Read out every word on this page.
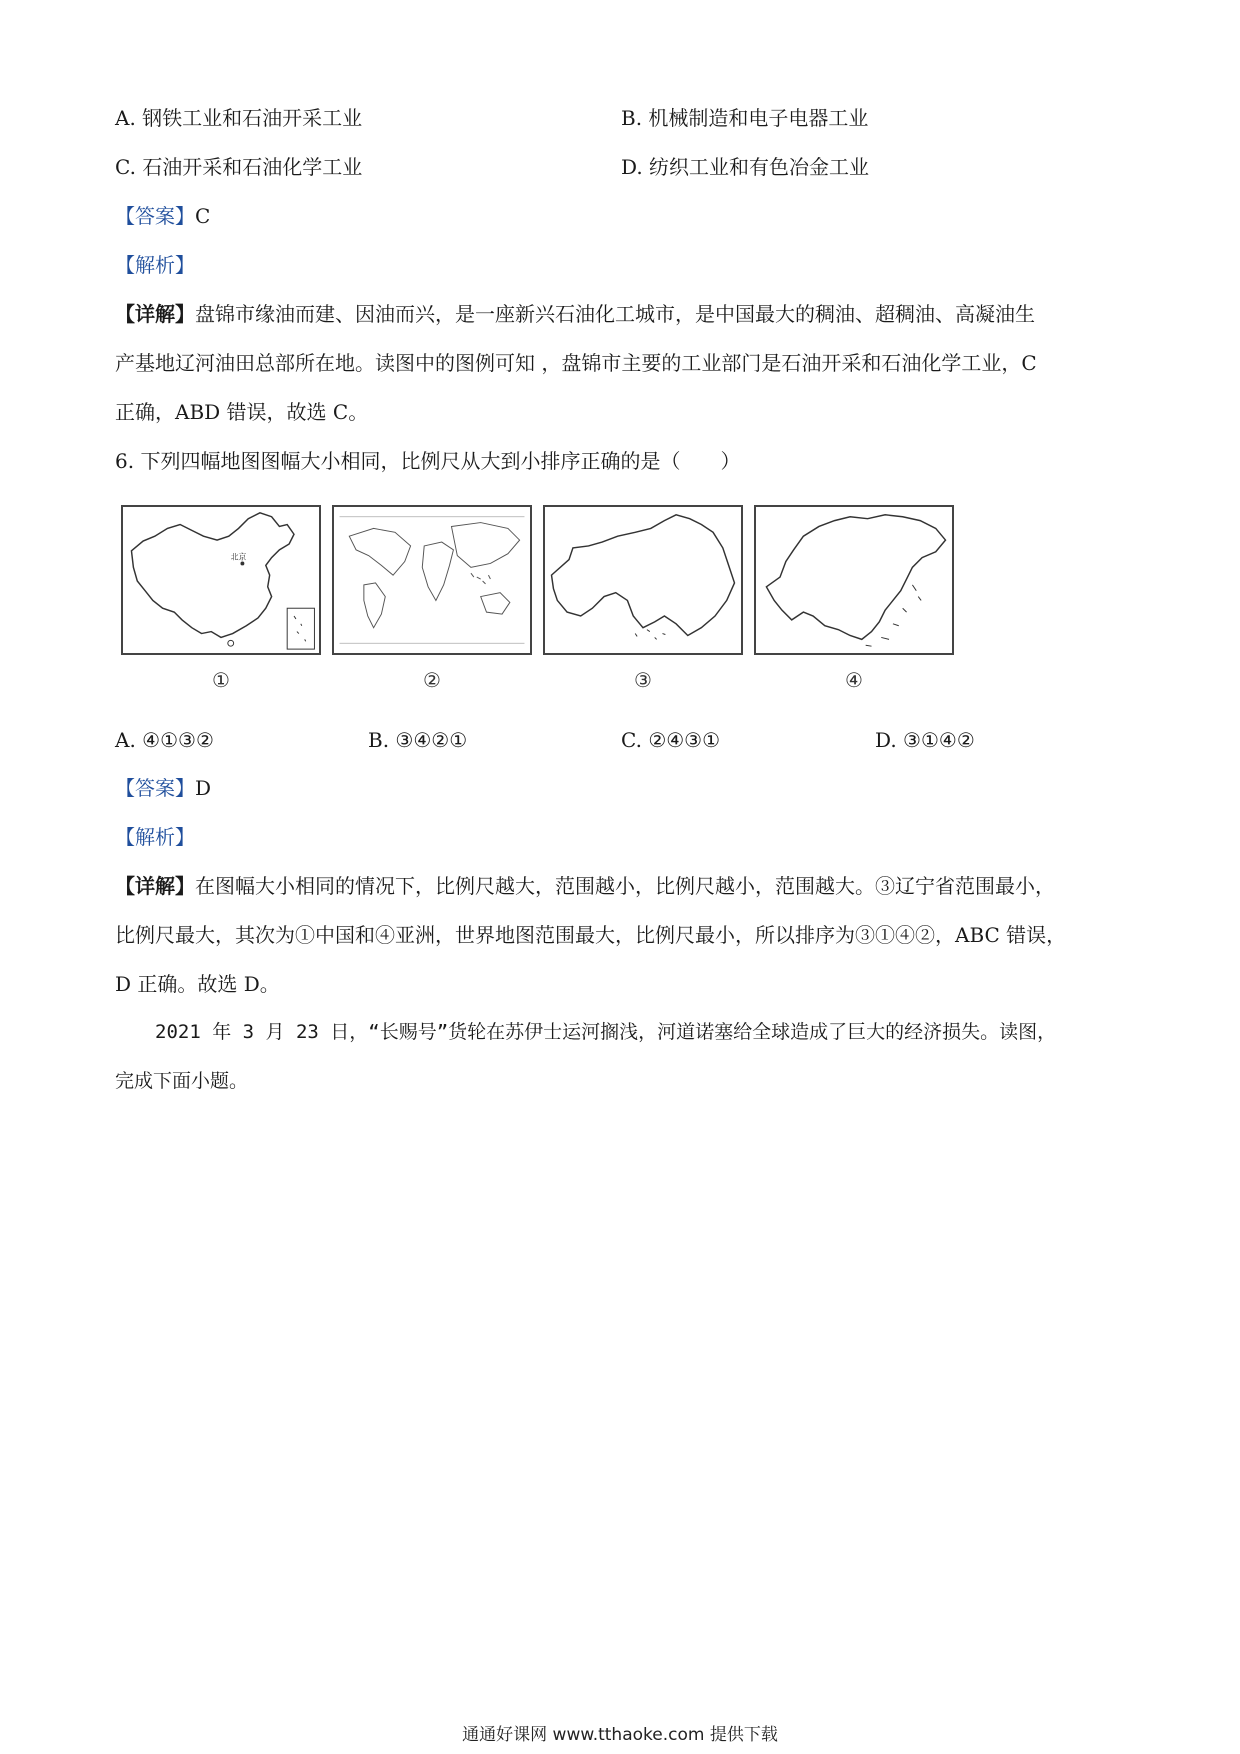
A. 钢铁工业和石油开采工业	B. 机械制造和电子电器工业
C. 石油开采和石油化学工业	D. 纺织工业和有色冶金工业
【答案】C
【解析】
【详解】盘锦市缘油而建、因油而兴，是一座新兴石油化工城市，是中国最大的稠油、超稠油、高凝油生
产基地辽河油田总部所在地。读图中的图例可知 ，盘锦市主要的工业部门是石油开采和石油化学工业，C
正确，ABD 错误，故选 C。
6. 下列四幅地图图幅大小相同，比例尺从大到小排序正确的是（　　）
北京
①	②	③	④
A. ④①③②	B. ③④②①	C. ②④③①	D. ③①④②
【答案】D
【解析】
【详解】在图幅大小相同的情况下，比例尺越大，范围越小，比例尺越小，范围越大。③辽宁省范围最小，
比例尺最大，其次为①中国和④亚洲，世界地图范围最大，比例尺最小，所以排序为③①④②，ABC 错误，
D 正确。故选 D。
2021 年 3 月 23 日，“长赐号”货轮在苏伊士运河搁浅，河道诺塞给全球造成了巨大的经济损失。读图，
完成下面小题。
通通好课网 www.tthaoke.com 提供下载
